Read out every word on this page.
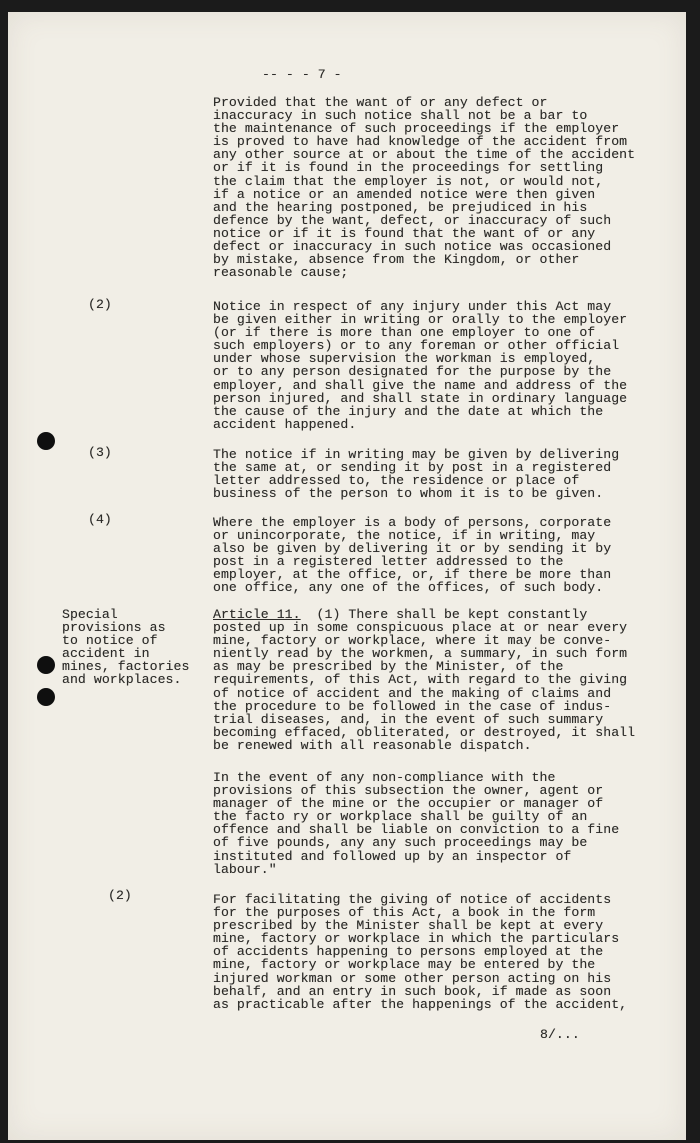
-- - - 7 -
Provided that the want of or any defect or
inaccuracy in such notice shall not be a bar to
the maintenance of such proceedings if the employer
is proved to have had knowledge of the accident from
any other source at or about the time of the accident
or if it is found in the proceedings for settling
the claim that the employer is not, or would not,
if a notice or an amended notice were then given
and the hearing postponed, be prejudiced in his
defence by the want, defect, or inaccuracy of such
notice or if it is found that the want of or any
defect or inaccuracy in such notice was occasioned
by mistake, absence from the Kingdom, or other
reasonable cause;
(2)	Notice in respect of any injury under this Act may
be given either in writing or orally to the employer
(or if there is more than one employer to one of
such employers) or to any foreman or other official
under whose supervision the workman is employed,
or to any person designated for the purpose by the
employer, and shall give the name and address of the
person injured, and shall state in ordinary language
the cause of the injury and the date at which the
accident happened.
(3)	The notice if in writing may be given by delivering
the same at, or sending it by post in a registered
letter addressed to, the residence or place of
business of the person to whom it is to be given.
(4)	Where the employer is a body of persons, corporate
or unincorporate, the notice, if in writing, may
also be given by delivering it or by sending it by
post in a registered letter addressed to the
employer, at the office, or, if there be more than
one office, any one of the offices, of such body.
Special
provisions as
to notice of
accident in
mines, factories
and workplaces.
Article 11.  (1) There shall be kept constantly
posted up in some conspicuous place at or near every
mine, factory or workplace, where it may be conve-
niently read by the workmen, a summary, in such form
as may be prescribed by the Minister, of the
requirements, of this Act, with regard to the giving
of notice of accident and the making of claims and
the procedure to be followed in the case of indus-
trial diseases, and, in the event of such summary
becoming effaced, obliterated, or destroyed, it shall
be renewed with all reasonable dispatch.
In the event of any non-compliance with the
provisions of this subsection the owner, agent or
manager of the mine or the occupier or manager of
the facto ry or workplace shall be guilty of an
offence and shall be liable on conviction to a fine
of five pounds, any any such proceedings may be
instituted and followed up by an inspector of
labour."
(2)	For facilitating the giving of notice of accidents
for the purposes of this Act, a book in the form
prescribed by the Minister shall be kept at every
mine, factory or workplace in which the particulars
of accidents happening to persons employed at the
mine, factory or workplace may be entered by the
injured workman or some other person acting on his
behalf, and an entry in such book, if made as soon
as practicable after the happenings of the accident,
8/...
